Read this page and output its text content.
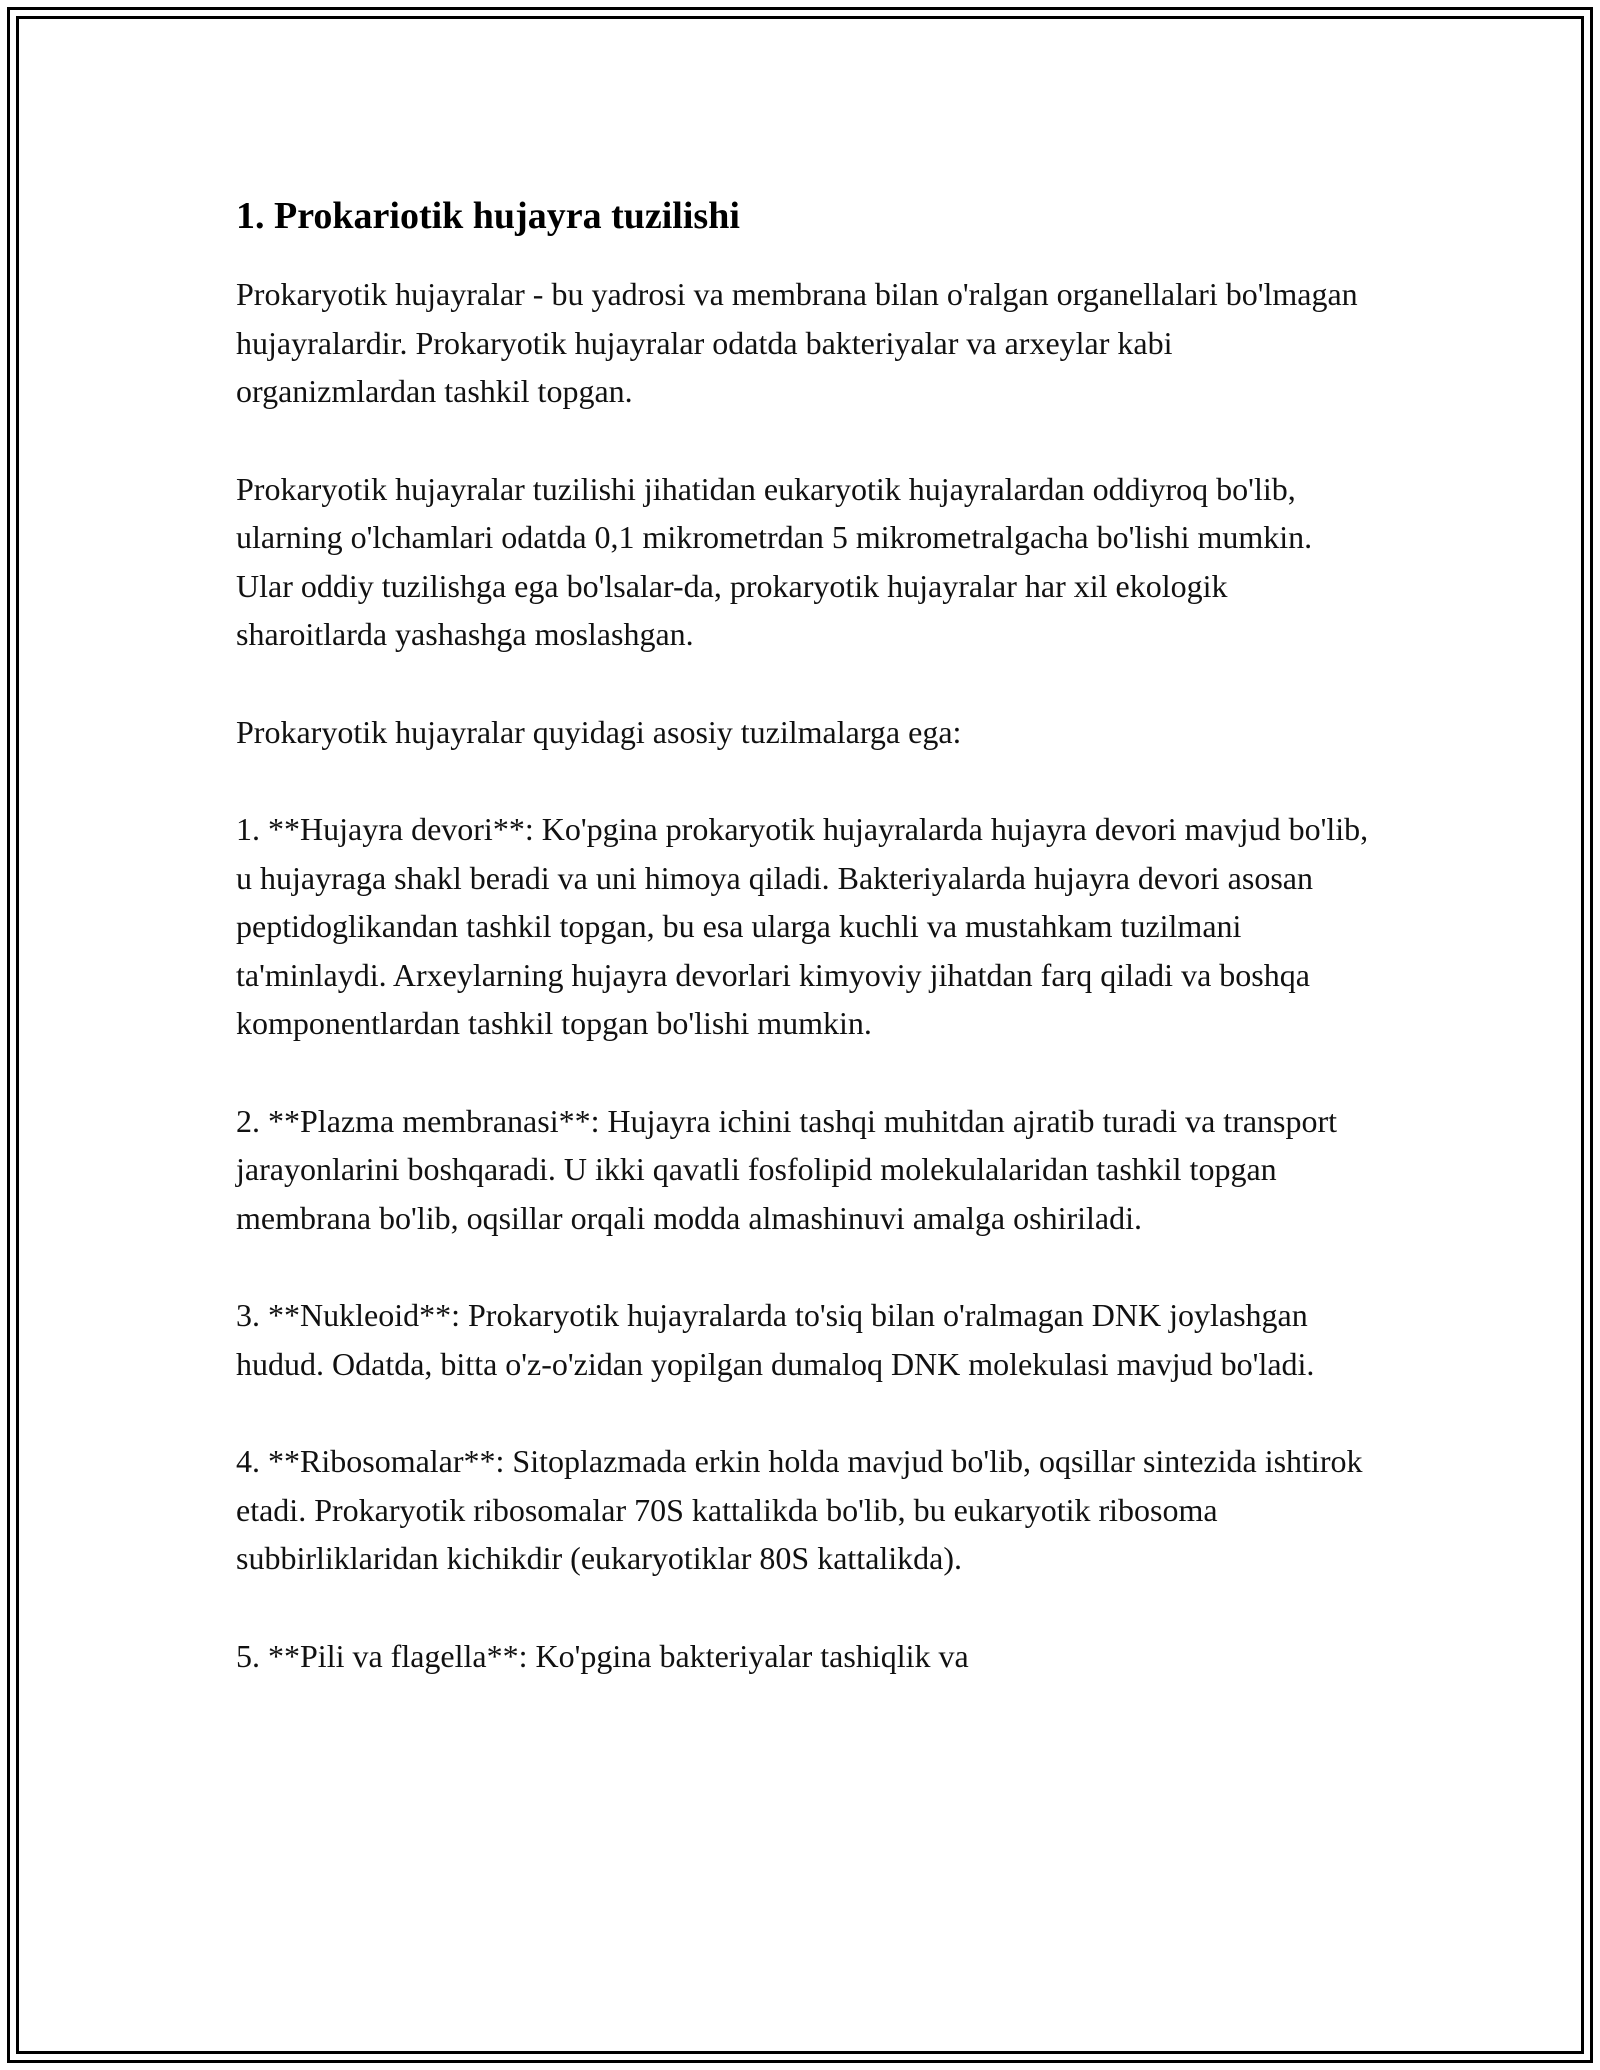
1. Prokariotik hujayra tuzilishi

Prokaryotik hujayralar - bu yadrosi va membrana bilan o'ralgan organellalari bo'lmagan hujayralardir. Prokaryotik hujayralar odatda bakteriyalar va arxeylar kabi organizmlardan tashkil topgan.

Prokaryotik hujayralar tuzilishi jihatidan eukaryotik hujayralardan oddiyroq bo'lib, ularning o'lchamlari odatda 0,1 mikrometrdan 5 mikrometralgacha bo'lishi mumkin. Ular oddiy tuzilishga ega bo'lsalar-da, prokaryotik hujayralar har xil ekologik sharoitlarda yashashga moslashgan.

Prokaryotik hujayralar quyidagi asosiy tuzilmalarga ega:

1. **Hujayra devori**: Ko'pgina prokaryotik hujayralarda hujayra devori mavjud bo'lib, u hujayraga shakl beradi va uni himoya qiladi. Bakteriyalarda hujayra devori asosan peptidoglikandan tashkil topgan, bu esa ularga kuchli va mustahkam tuzilmani ta'minlaydi. Arxeylarning hujayra devorlari kimyoviy jihatdan farq qiladi va boshqa komponentlardan tashkil topgan bo'lishi mumkin.

2. **Plazma membranasi**: Hujayra ichini tashqi muhitdan ajratib turadi va transport jarayonlarini boshqaradi. U ikki qavatli fosfolipid molekulalaridan tashkil topgan membrana bo'lib, oqsillar orqali modda almashinuvi amalga oshiriladi.

3. **Nukleoid**: Prokaryotik hujayralarda to'siq bilan o'ralmagan DNK joylashgan hudud. Odatda, bitta o'z-o'zidan yopilgan dumaloq DNK molekulasi mavjud bo'ladi.

4. **Ribosomalar**: Sitoplazmada erkin holda mavjud bo'lib, oqsillar sintezida ishtirok etadi. Prokaryotik ribosomalar 70S kattalikda bo'lib, bu eukaryotik ribosoma subbirliklaridan kichikdir (eukaryotiklar 80S kattalikda).

5. **Pili va flagella**: Ko'pgina bakteriyalar tashiqlik va
